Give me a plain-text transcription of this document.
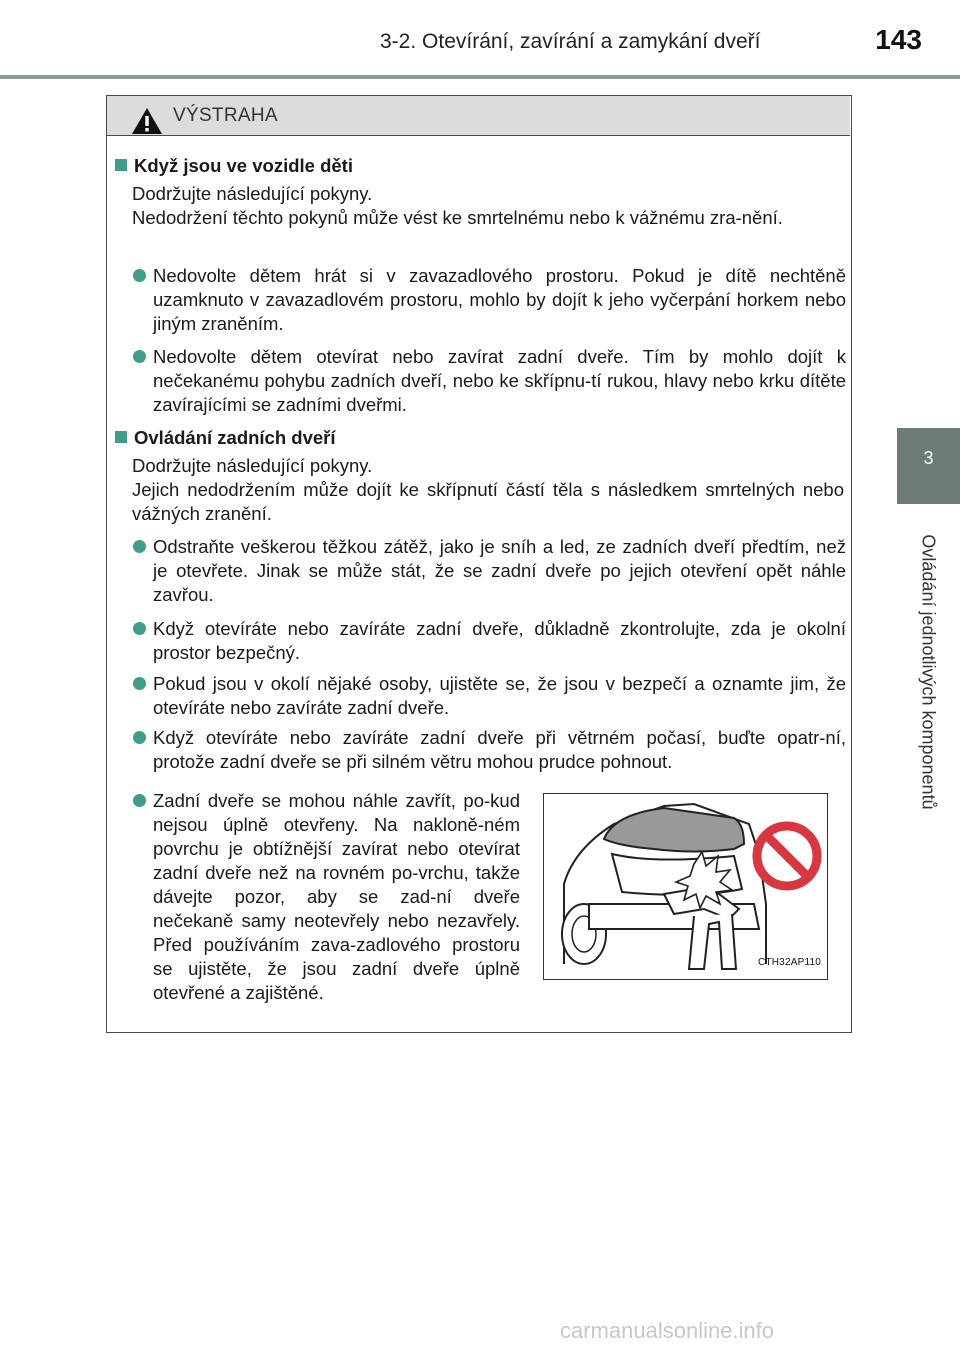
3-2. Otevírání, zavírání a zamykání dveří	143
3
Ovládání jednotlivých komponentů
VÝSTRAHA
Když jsou ve vozidle děti
Dodržujte následující pokyny.
Nedodržení těchto pokynů může vést ke smrtelnému nebo k vážnému zra-nění.
Nedovolte dětem hrát si v zavazadlového prostoru. Pokud je dítě nechtěně uzamknuto v zavazadlovém prostoru, mohlo by dojít k jeho vyčerpání horkem nebo jiným zraněním.
Nedovolte dětem otevírat nebo zavírat zadní dveře. Tím by mohlo dojít k nečekanému pohybu zadních dveří, nebo ke skřípnu-tí rukou, hlavy nebo krku dítěte zavírajícími se zadními dveřmi.
Ovládání zadních dveří
Dodržujte následující pokyny.
Jejich nedodržením může dojít ke skřípnutí částí těla s následkem smrtelných nebo vážných zranění.
Odstraňte veškerou těžkou zátěž, jako je sníh a led, ze zadních dveří předtím, než je otevřete. Jinak se může stát, že se zadní dveře po jejich otevření opět náhle zavřou.
Když otevíráte nebo zavíráte zadní dveře, důkladně zkontrolujte, zda je okolní prostor bezpečný.
Pokud jsou v okolí nějaké osoby, ujistěte se, že jsou v bezpečí a oznamte jim, že otevíráte nebo zavíráte zadní dveře.
Když otevíráte nebo zavíráte zadní dveře při větrném počasí, buďte opatr-ní, protože zadní dveře se při silném větru mohou prudce pohnout.
Zadní dveře se mohou náhle zavřít, po-kud nejsou úplně otevřeny. Na nakloně-ném povrchu je obtížnější zavírat nebo otevírat zadní dveře než na rovném po-vrchu, takže dávejte pozor, aby se zad-ní dveře nečekaně samy neotevřely nebo nezavřely. Před používáním zava-zadlového prostoru se ujistěte, že jsou zadní dveře úplně otevřené a zajištěné.
CTH32AP110
carmanualsonline.info
